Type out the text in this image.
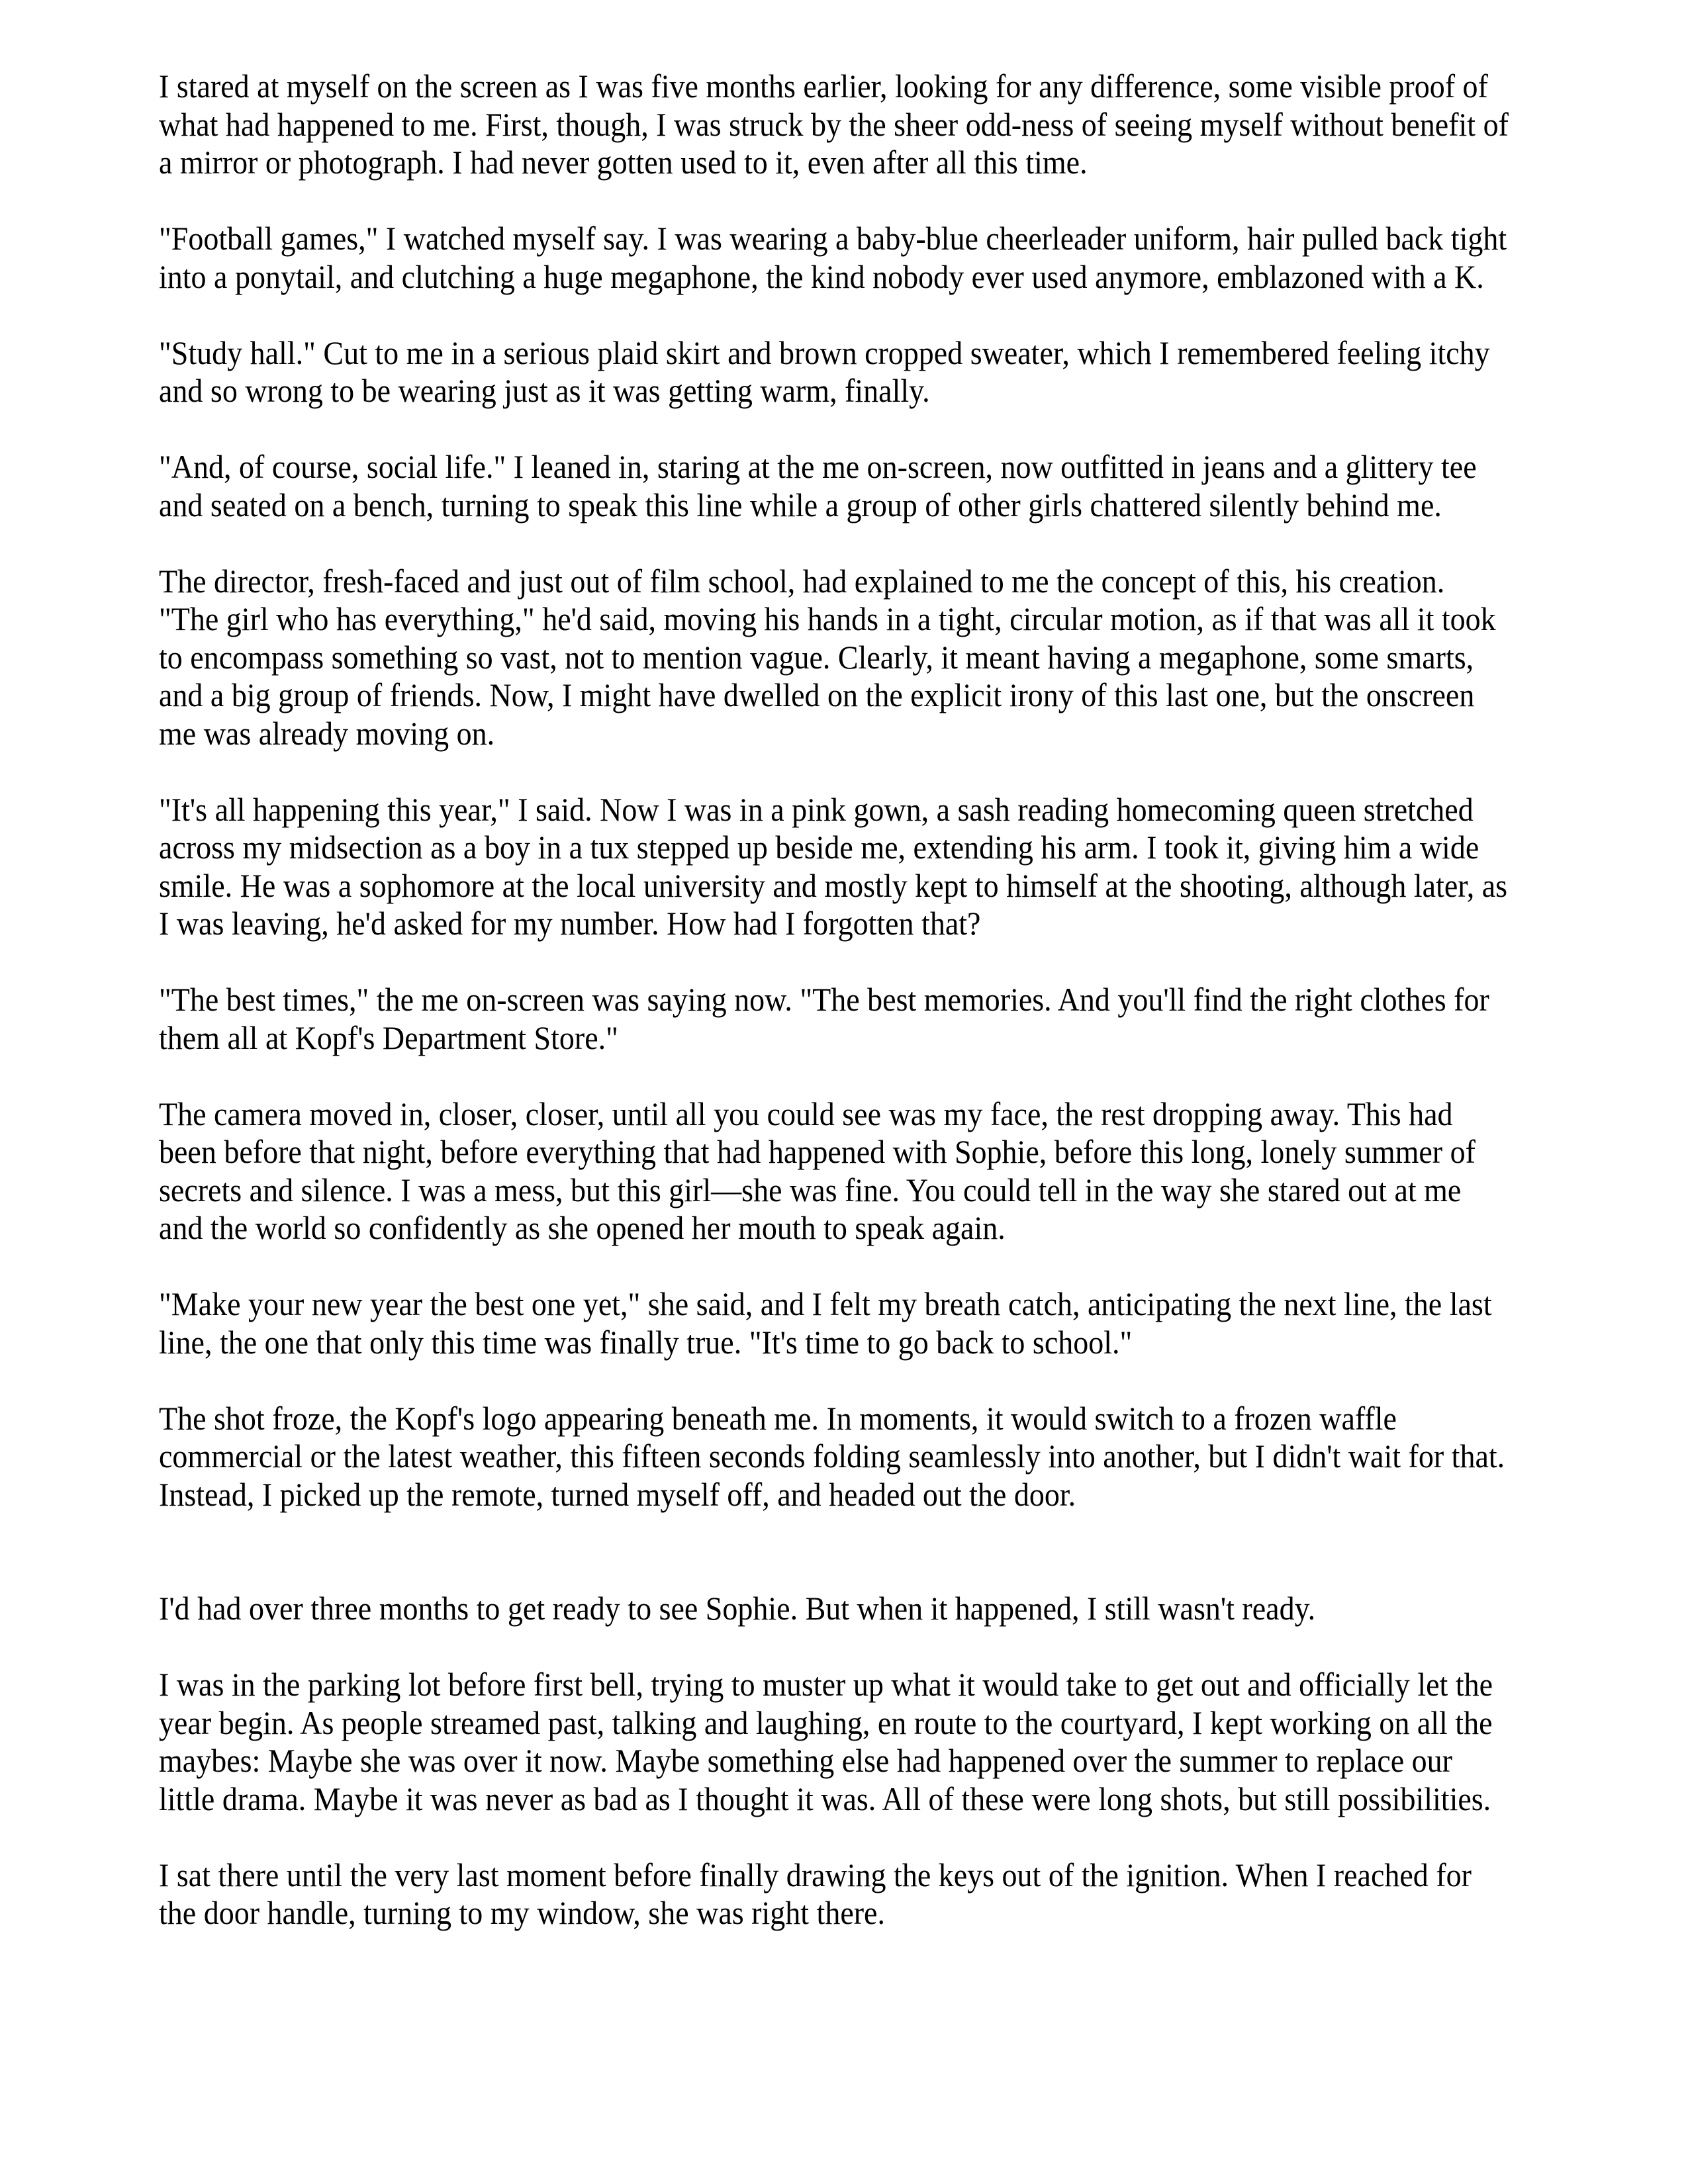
I stared at myself on the screen as I was five months earlier, looking for any difference, some visible proof of
what had happened to me. First, though, I was struck by the sheer odd-ness of seeing myself without benefit of
a mirror or photograph. I had never gotten used to it, even after all this time.

"Football games," I watched myself say. I was wearing a baby-blue cheerleader uniform, hair pulled back tight
into a ponytail, and clutching a huge megaphone, the kind nobody ever used anymore, emblazoned with a K.

"Study hall." Cut to me in a serious plaid skirt and brown cropped sweater, which I remembered feeling itchy
and so wrong to be wearing just as it was getting warm, finally.

"And, of course, social life." I leaned in, staring at the me on-screen, now outfitted in jeans and a glittery tee
and seated on a bench, turning to speak this line while a group of other girls chattered silently behind me.

The director, fresh-faced and just out of film school, had explained to me the concept of this, his creation.
"The girl who has everything," he'd said, moving his hands in a tight, circular motion, as if that was all it took
to encompass something so vast, not to mention vague. Clearly, it meant having a megaphone, some smarts,
and a big group of friends. Now, I might have dwelled on the explicit irony of this last one, but the onscreen
me was already moving on.

"It's all happening this year," I said. Now I was in a pink gown, a sash reading homecoming queen stretched
across my midsection as a boy in a tux stepped up beside me, extending his arm. I took it, giving him a wide
smile. He was a sophomore at the local university and mostly kept to himself at the shooting, although later, as
I was leaving, he'd asked for my number. How had I forgotten that?

"The best times," the me on-screen was saying now. "The best memories. And you'll find the right clothes for
them all at Kopf's Department Store."

The camera moved in, closer, closer, until all you could see was my face, the rest dropping away. This had
been before that night, before everything that had happened with Sophie, before this long, lonely summer of
secrets and silence. I was a mess, but this girl—she was fine. You could tell in the way she stared out at me
and the world so confidently as she opened her mouth to speak again.

"Make your new year the best one yet," she said, and I felt my breath catch, anticipating the next line, the last
line, the one that only this time was finally true. "It's time to go back to school."

The shot froze, the Kopf's logo appearing beneath me. In moments, it would switch to a frozen waffle
commercial or the latest weather, this fifteen seconds folding seamlessly into another, but I didn't wait for that.
Instead, I picked up the remote, turned myself off, and headed out the door.

I'd had over three months to get ready to see Sophie. But when it happened, I still wasn't ready.

I was in the parking lot before first bell, trying to muster up what it would take to get out and officially let the
year begin. As people streamed past, talking and laughing, en route to the courtyard, I kept working on all the
maybes: Maybe she was over it now. Maybe something else had happened over the summer to replace our
little drama. Maybe it was never as bad as I thought it was. All of these were long shots, but still possibilities.

I sat there until the very last moment before finally drawing the keys out of the ignition. When I reached for
the door handle, turning to my window, she was right there.
